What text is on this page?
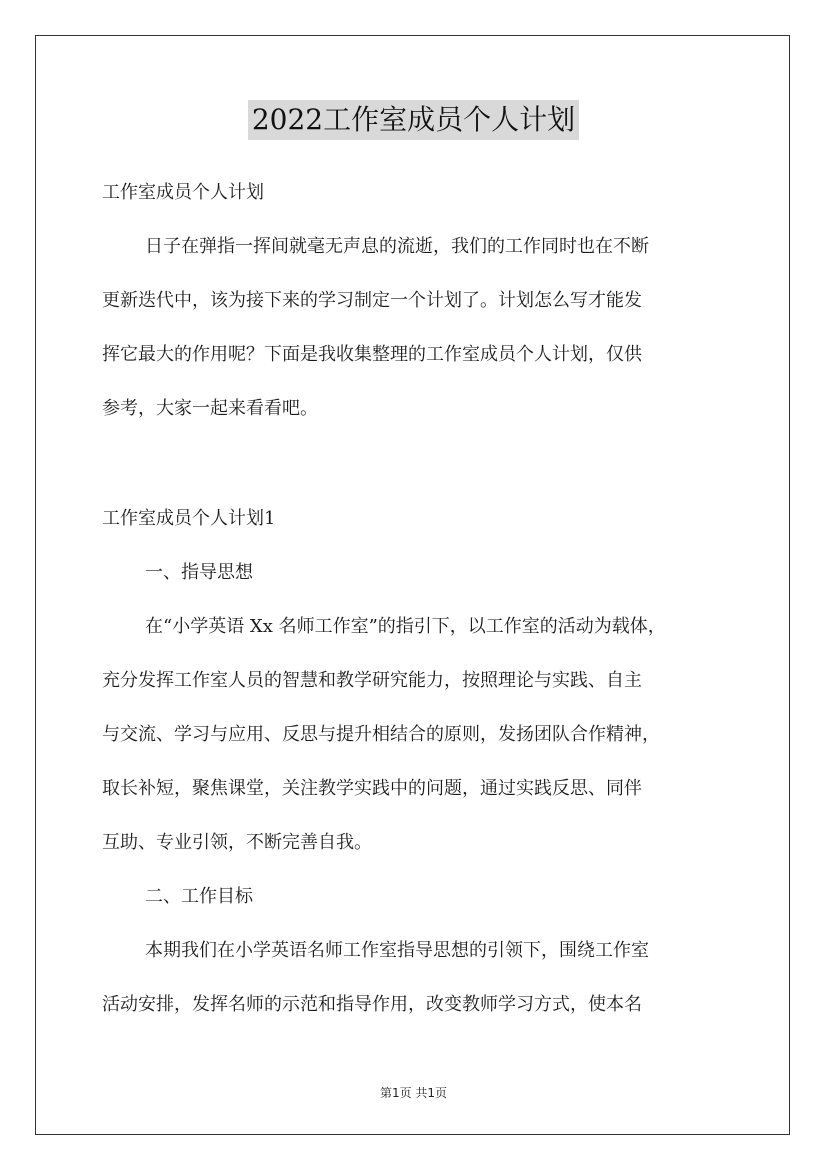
2022工作室成员个人计划
工作室成员个人计划
日子在弹指一挥间就毫无声息的流逝，我们的工作同时也在不断
更新迭代中，该为接下来的学习制定一个计划了。计划怎么写才能发
挥它最大的作用呢？下面是我收集整理的工作室成员个人计划，仅供
参考，大家一起来看看吧。
工作室成员个人计划1
一、指导思想
在“小学英语 Xx 名师工作室”的指引下，以工作室的活动为载体，
充分发挥工作室人员的智慧和教学研究能力，按照理论与实践、自主
与交流、学习与应用、反思与提升相结合的原则，发扬团队合作精神，
取长补短，聚焦课堂，关注教学实践中的问题，通过实践反思、同伴
互助、专业引领，不断完善自我。
二、工作目标
本期我们在小学英语名师工作室指导思想的引领下，围绕工作室
活动安排，发挥名师的示范和指导作用，改变教师学习方式，使本名
第1页 共1页
